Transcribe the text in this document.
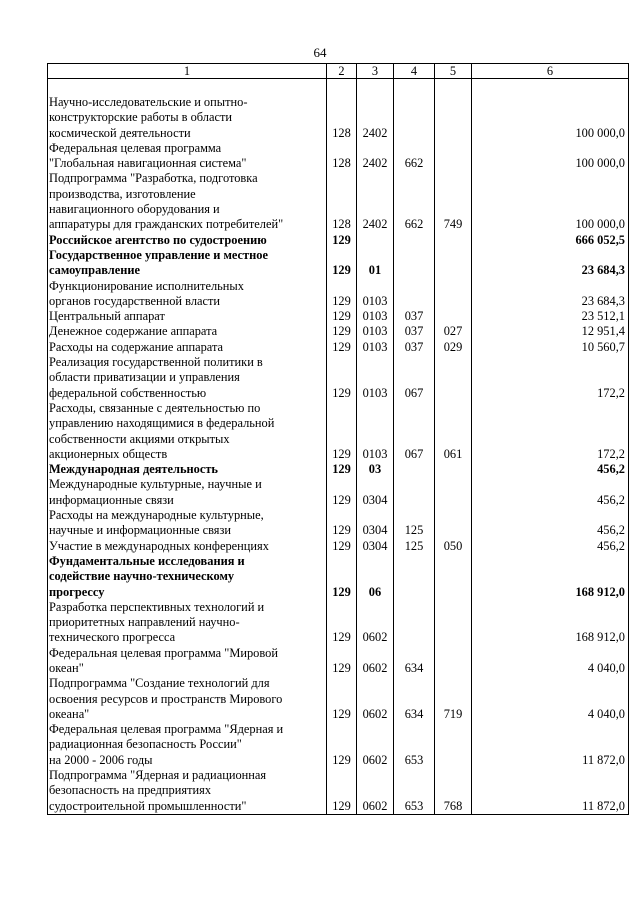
64
1	2	3	4	5	6

Научно-исследовательские и опытно-
конструкторские работы в области
космической деятельности	128	2402			100 000,0
Федеральная целевая программа
"Глобальная навигационная система"	128	2402	662		100 000,0
Подпрограмма "Разработка, подготовка
производства, изготовление
навигационного оборудования и
аппаратуры для гражданских потребителей"	128	2402	662	749	100 000,0
Российское агентство по судостроению	129				666 052,5
Государственное управление и местное
самоуправление	129	01			23 684,3
Функционирование исполнительных
органов государственной власти	129	0103			23 684,3
Центральный аппарат	129	0103	037		23 512,1
Денежное содержание аппарата	129	0103	037	027	12 951,4
Расходы на содержание аппарата	129	0103	037	029	10 560,7
Реализация государственной политики в
области приватизации и управления
федеральной собственностью	129	0103	067		172,2
Расходы, связанные с деятельностью по
управлению находящимися в федеральной
собственности акциями открытых
акционерных обществ	129	0103	067	061	172,2
Международная деятельность	129	03			456,2
Международные культурные, научные и
информационные связи	129	0304			456,2
Расходы на международные культурные,
научные и информационные связи	129	0304	125		456,2
Участие в международных конференциях	129	0304	125	050	456,2
Фундаментальные исследования и
содействие научно-техническому
прогрессу	129	06			168 912,0
Разработка перспективных технологий и
приоритетных направлений научно-
технического прогресса	129	0602			168 912,0
Федеральная целевая программа "Мировой
океан"	129	0602	634		4 040,0
Подпрограмма "Создание технологий для
освоения ресурсов и пространств Мирового
океана"	129	0602	634	719	4 040,0
Федеральная целевая программа "Ядерная и
радиационная безопасность России"
на 2000 - 2006 годы	129	0602	653		11 872,0
Подпрограмма "Ядерная и радиационная
безопасность на предприятиях
судостроительной промышленности"	129	0602	653	768	11 872,0
